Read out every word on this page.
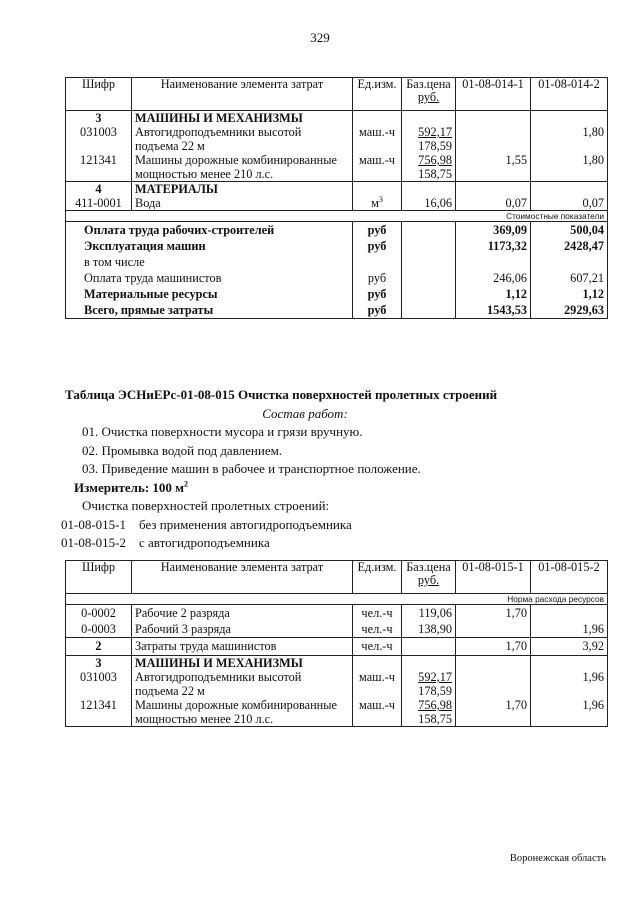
329
Шифр	Наименование элемента затрат	Ед.изм.	Баз.цена
руб.	01-08-014-1	01-08-014-2
3	МАШИНЫ И МЕХАНИЗМЫ				
031003	Автогидроподъемники высотой
подъема 22 м	маш.-ч	592,17
178,59		1,80
121341	Машины дорожные комбинированные
мощностью менее 210 л.с.	маш.-ч	756,98
158,75	1,55	1,80
4	МАТЕРИАЛЫ				
411-0001	Вода	$м^3$	16,06	0,07	0,07
Стоимостные показатели					
Оплата труда рабочих-строителей		руб		369,09	500,04
Эксплуатация машин		руб		1173,32	2428,47
в том числе					
Оплата труда машинистов		руб		246,06	607,21
Материальные ресурсы		руб		1,12	1,12
Всего, прямые затраты		руб		1543,53	2929,63
Таблица ЭСНиЕРс-01-08-015 Очистка поверхностей пролетных строений
Состав работ:
01. Очистка поверхности мусора и грязи вручную.
02. Промывка водой под давлением.
03. Приведение машин в рабочее и транспортное положение.
Измеритель: 100 $м^2$
Очистка поверхностей пролетных строений:
01-08-015-1 без применения автогидроподъемника
01-08-015-2 с автогидроподъемника
Шифр	Наименование элемента затрат	Ед.изм.	Баз.цена
руб.	01-08-015-1	01-08-015-2
Норма расхода ресурсов					
0-0002	Рабочие 2 разряда	чел.-ч	119,06	1,70	
0-0003	Рабочий 3 разряда	чел.-ч	138,90		1,96
2	Затраты труда машинистов	чел.-ч		1,70	3,92
3	МАШИНЫ И МЕХАНИЗМЫ				
031003	Автогидроподъемники высотой
подъема 22 м	маш.-ч	592,17
178,59		1,96
121341	Машины дорожные комбинированные
мощностью менее 210 л.с.	маш.-ч	756,98
158,75	1,70	1,96
Воронежская область
